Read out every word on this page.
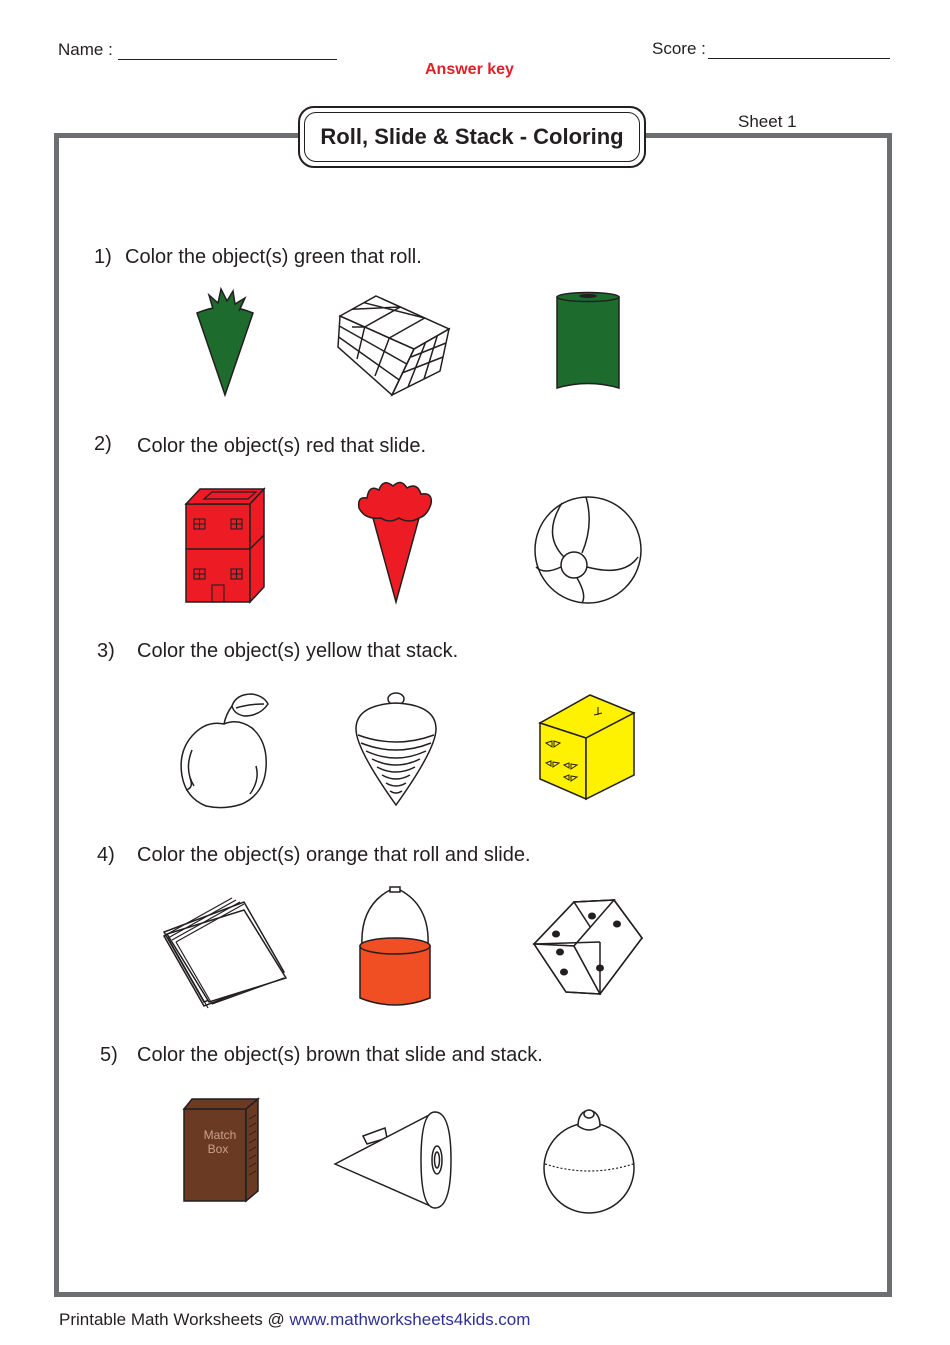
Name :	Score :
Answer key
Roll, Slide & Stack - Coloring
Sheet 1
1) Color the object(s) green that roll.
2) Color the object(s) red that slide.
3) Color the object(s) yellow that stack.
4) Color the object(s) orange that roll and slide.
5) Color the object(s) brown that slide and stack.
Match
Box
Printable Math Worksheets @ www.mathworksheets4kids.com
